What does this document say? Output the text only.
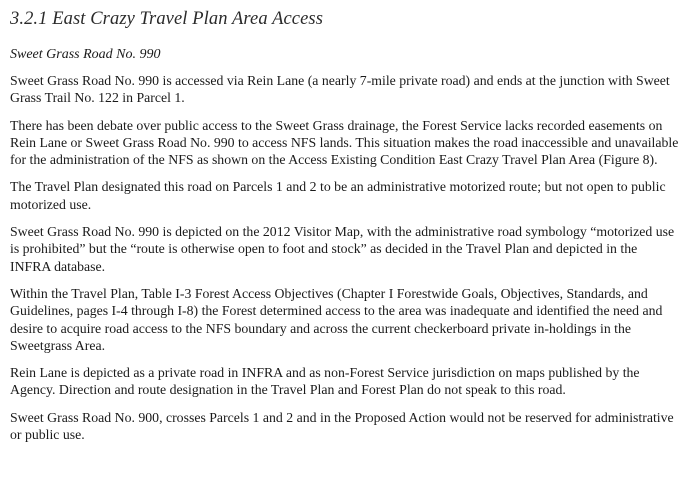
3.2.1 East Crazy Travel Plan Area Access
Sweet Grass Road No. 990

Sweet Grass Road No. 990 is accessed via Rein Lane (a nearly 7-mile private road) and ends at the junction with Sweet Grass Trail No. 122 in Parcel 1.

There has been debate over public access to the Sweet Grass drainage, the Forest Service lacks recorded easements on Rein Lane or Sweet Grass Road No. 990 to access NFS lands. This situation makes the road inaccessible and unavailable for the administration of the NFS as shown on the Access Existing Condition East Crazy Travel Plan Area (Figure 8).

The Travel Plan designated this road on Parcels 1 and 2 to be an administrative motorized route; but not open to public motorized use.

Sweet Grass Road No. 990 is depicted on the 2012 Visitor Map, with the administrative road symbology “motorized use is prohibited” but the “route is otherwise open to foot and stock” as decided in the Travel Plan and depicted in the INFRA database.

Within the Travel Plan, Table I-3 Forest Access Objectives (Chapter I Forestwide Goals, Objectives, Standards, and Guidelines, pages I-4 through I-8) the Forest determined access to the area was inadequate and identified the need and desire to acquire road access to the NFS boundary and across the current checkerboard private in-holdings in the Sweetgrass Area.

Rein Lane is depicted as a private road in INFRA and as non-Forest Service jurisdiction on maps published by the Agency. Direction and route designation in the Travel Plan and Forest Plan do not speak to this road.

Sweet Grass Road No. 900, crosses Parcels 1 and 2 and in the Proposed Action would not be reserved for administrative or public use.
